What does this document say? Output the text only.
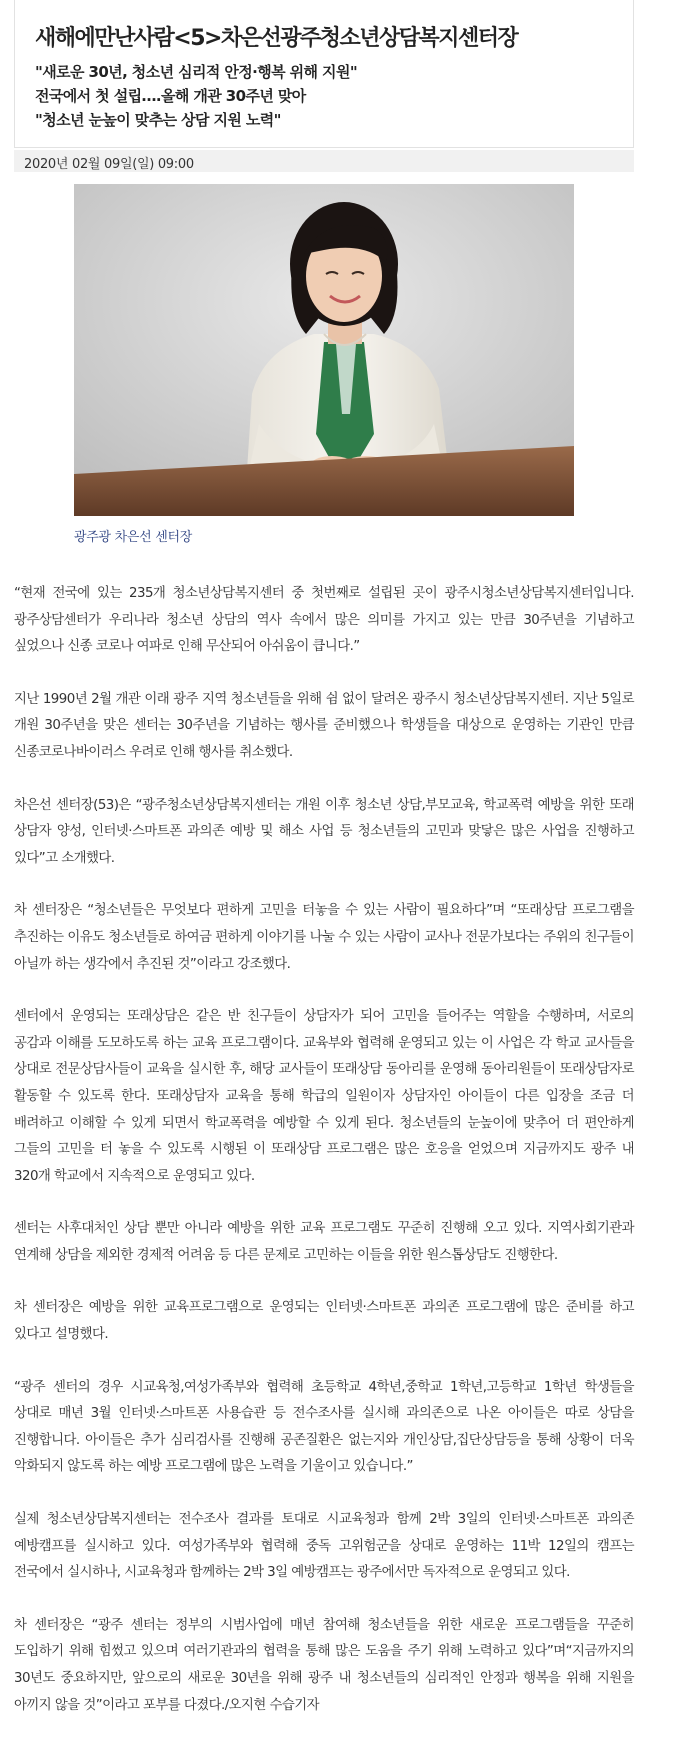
새해에만난사람<5>차은선광주청소년상담복지센터장
"새로운 30년, 청소년 심리적 안정·행복 위해 지원"
전국에서 첫 설립….올해 개관 30주년 맞아
"청소년 눈높이 맞추는 상담 지원 노력"
2020년 02월 09일(일) 09:00
광주광 차은선 센터장

“현재 전국에 있는 235개 청소년상담복지센터 중 첫번째로 설립된 곳이 광주시청소년상담복지센터입니다. 광주상담센터가 우리나라 청소년 상담의 역사 속에서 많은 의미를 가지고 있는 만큼 30주년을 기념하고 싶었으나 신종 코로나 여파로 인해 무산되어 아쉬움이 큽니다.”

지난 1990년 2월 개관 이래 광주 지역 청소년들을 위해 쉼 없이 달려온 광주시 청소년상담복지센터. 지난 5일로 개원 30주년을 맞은 센터는 30주년을 기념하는 행사를 준비했으나 학생들을 대상으로 운영하는 기관인 만큼 신종코로나바이러스 우려로 인해 행사를 취소했다.

차은선 센터장(53)은 “광주청소년상담복지센터는 개원 이후 청소년 상담,부모교육, 학교폭력 예방을 위한 또래 상담자 양성, 인터넷·스마트폰 과의존 예방 및 해소 사업 등 청소년들의 고민과 맞닿은 많은 사업을 진행하고 있다”고 소개했다.

차 센터장은 “청소년들은 무엇보다 편하게 고민을 터놓을 수 있는 사람이 필요하다”며 “또래상담 프로그램을 추진하는 이유도 청소년들로 하여금 편하게 이야기를 나눌 수 있는 사람이 교사나 전문가보다는 주위의 친구들이 아닐까 하는 생각에서 추진된 것”이라고 강조했다.

센터에서 운영되는 또래상담은 같은 반 친구들이 상담자가 되어 고민을 들어주는 역할을 수행하며, 서로의 공감과 이해를 도모하도록 하는 교육 프로그램이다. 교육부와 협력해 운영되고 있는 이 사업은 각 학교 교사들을 상대로 전문상담사들이 교육을 실시한 후, 해당 교사들이 또래상담 동아리를 운영해 동아리원들이 또래상담자로 활동할 수 있도록 한다. 또래상담자 교육을 통해 학급의 일원이자 상담자인 아이들이 다른 입장을 조금 더 배려하고 이해할 수 있게 되면서 학교폭력을 예방할 수 있게 된다. 청소년들의 눈높이에 맞추어 더 편안하게 그들의 고민을 터 놓을 수 있도록 시행된 이 또래상담 프로그램은 많은 호응을 얻었으며 지금까지도 광주 내 320개 학교에서 지속적으로 운영되고 있다.

센터는 사후대처인 상담 뿐만 아니라 예방을 위한 교육 프로그램도 꾸준히 진행해 오고 있다. 지역사회기관과 연계해 상담을 제외한 경제적 어려움 등 다른 문제로 고민하는 이들을 위한 원스톱상담도 진행한다.

차 센터장은 예방을 위한 교육프로그램으로 운영되는 인터넷·스마트폰 과의존 프로그램에 많은 준비를 하고 있다고 설명했다.

“광주 센터의 경우 시교육청,여성가족부와 협력해 초등학교 4학년,중학교 1학년,고등학교 1학년 학생들을 상대로 매년 3월 인터넷·스마트폰 사용습관 등 전수조사를 실시해 과의존으로 나온 아이들은 따로 상담을 진행합니다. 아이들은 추가 심리검사를 진행해 공존질환은 없는지와 개인상담,집단상담등을 통해 상황이 더욱 악화되지 않도록 하는 예방 프로그램에 많은 노력을 기울이고 있습니다.”

실제 청소년상담복지센터는 전수조사 결과를 토대로 시교육청과 함께 2박 3일의 인터넷·스마트폰 과의존 예방캠프를 실시하고 있다. 여성가족부와 협력해 중독 고위험군을 상대로 운영하는 11박 12일의 캠프는 전국에서 실시하나, 시교육청과 함께하는 2박 3일 예방캠프는 광주에서만 독자적으로 운영되고 있다.

차 센터장은 “광주 센터는 정부의 시범사업에 매년 참여해 청소년들을 위한 새로운 프로그램들을 꾸준히 도입하기 위해 힘썼고 있으며 여러기관과의 협력을 통해 많은 도움을 주기 위해 노력하고 있다”며“지금까지의 30년도 중요하지만, 앞으로의 새로운 30년을 위해 광주 내 청소년들의 심리적인 안정과 행복을 위해 지원을 아끼지 않을 것”이라고 포부를 다졌다./오지현 수습기자
